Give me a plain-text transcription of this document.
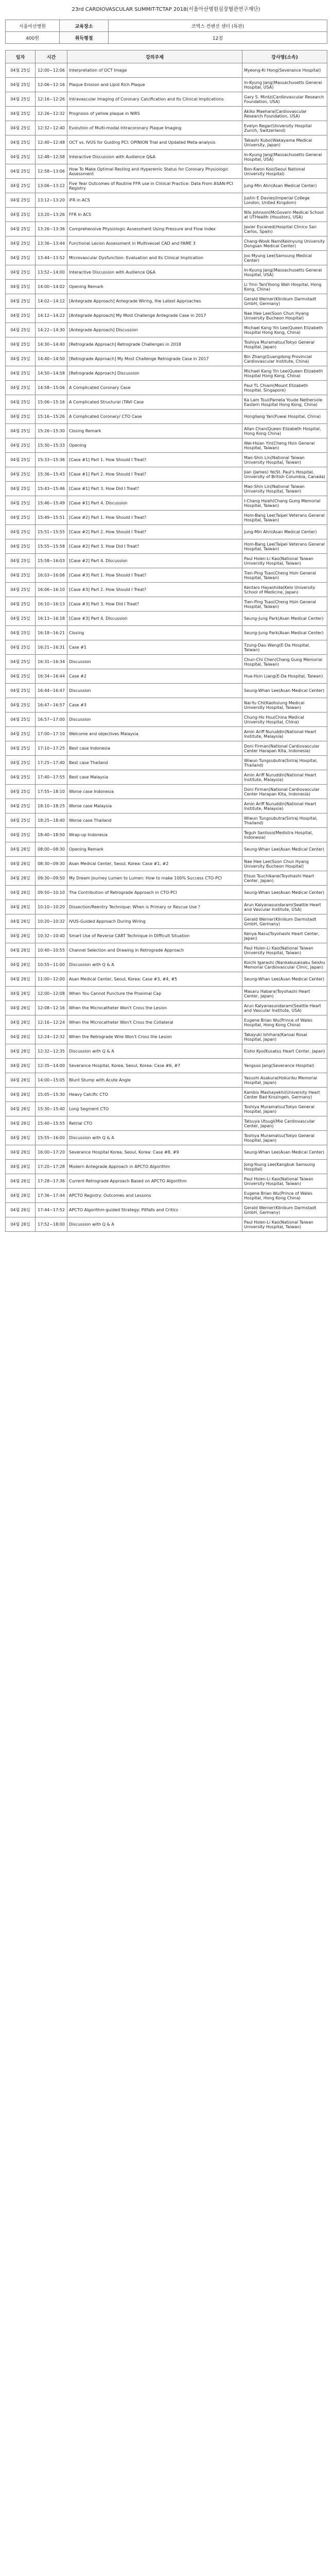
23rd CARDIOVASCULAR SUMMIT-TCTAP 2018(서울아산병원심장혈관연구재단)
서울아산병원	교육장소	코엑스 컨벤션 센터 (특판)
400원	취득평점	12점
일자	시간	강의주제	강사명(소속)
04월 25일	12:00~12:06	Interpretation of OCT Image	Myeong-Ki Hong(Severance Hospital)
04월 25일	12:06~12:16	Plaque Erosion and Lipid Rich Plaque	In-Kyung Jang(Massachusetts General Hospital, USA)
04월 25일	12:16~12:26	Intravascular Imaging of Coronary Calcification and Its Clinical Implications	Gary S. Mintz(Cardiovascular Research Foundation, USA)
04월 25일	12:26~12:32	Prognosis of yellow plaque in NIRS	Akiko Maehara(Cardiovascular Research Foundation, USA)
04월 25일	12:32~12:40	Evolution of Multi-modal Intracoronary Plaque Imaging	Evelyn Regar(University Hospital Zurich, Switzerland)
04월 25일	12:40~12:48	OCT vs. IVUS for Guiding PCI: OPINION Trial and Updated Meta-analysis	Takashi Kubo(Wakayama Medical University, Japan)
04월 25일	12:48~12:58	Interactive Discussion with Audience Q&A	In-Kyung Jang(Massachusetts General Hospital, USA)
04월 25일	12:58~13:06	How To Make Optimal Resting and Hyperemic Status for Coronary Physiologic Assessment	Bon-Kwon Koo(Seoul National University Hospital)
04월 25일	13:06~13:12	Five Year Outcomes of Routine FFR use in Clinical Practice: Data From ASAN-PCI Registry	Jung-Min Ahn(Asan Medical Center)
04월 25일	13:12~13:20	iFR in ACS	Justin E Davies(Imperial College London, United Kingdom)
04월 25일	13:20~13:26	FFR in ACS	Nils Johnson(McGovern Medical School at UTHealth (Houston), USA)
04월 25일	13:26~13:36	Comprehensive Physiologic Assessment Using Pressure and Flow Index	Javier Escaned(Hospital Clinico San Carlos, Spain)
04월 25일	13:36~13:44	Functional Lesion Assessment in Multivessel CAD and FAME 3	Chang-Wook Nam(Keimyung University Dongsan Medical Center)
04월 25일	13:44~13:52	Microvascular Dysfunction: Evaluation and Its Clinical Implication	Joo Myung Lee(Samsung Medical Center)
04월 25일	13:52~14:00	Interactive Discussion with Audience Q&A	In-Kyung Jang(Massachusetts General Hospital, USA)
04월 25일	14:00~14:02	Opening Remark	Li Yinn Tan(Yoong Wah Hospital, Hong Kong, China)
04월 25일	14:02~14:12	[Antegrade Approach] Antegrade Wiring, the Latest Approaches	Gerald Werner(Klinikum Darmstadt GmbH, Germany)
04월 25일	14:12~14:22	[Antegrade Approach] My Most Challenge Antegrade Case in 2017	Nae Hee Lee(Soon Chun Hyang University Bucheon Hospital)
04월 25일	14:22~14:30	[Antegrade Approach] Discussion	Michael Kang Yin Lee(Queen Elizabeth Hospital Hong Kong, China)
04월 25일	14:30~14:40	[Retrograde Approach] Retrograde Challenges in 2018	Toshiya Muramatsu(Tokyo General Hospital, Japan)
04월 25일	14:40~14:50	[Retrograde Approach] My Most Challenge Retrograde Case in 2017	Bin Zhang(Guangdong Provincial Cardiovascular Institute, China)
04월 25일	14:50~14:58	[Retrograde Approach] Discussion	Michael Kang Yin Lee(Queen Elizabeth Hospital Hong Kong, China)
04월 25일	14:58~15:06	A Complicated Coronary Case	Paul TL Chiam(Mount Elizabeth Hospital, Singapore)
04월 25일	15:06~15:16	A Complicated Structural (TAVI Case	Ka Lam Tsui(Pamela Youde Nethersole Eastern Hospital Hong Kong, China)
04월 25일	15:16~15:26	A Complicated Coronary/ CTO Case	Hongliang Yan(Fuwai Hospital, China)
04월 25일	15:26~15:30	Closing Remark	Allan Chan(Queen Elizabeth Hospital, Hong Kong China)
04월 25일	15:30~15:33	Opening	Wei-Hsian Yin(Cheng Hsin General Hospital, Taiwan)
04월 25일	15:33~15:36	[Case #1] Part 1. How Should I Treat?	Mao-Shin Lin(National Taiwan University Hospital, Taiwan)
04월 25일	15:36~15:43	[Case #1] Part 2. How Should I Treat?	Jian (James) Ye(St. Paul's Hospital, University of British Columbia, Canada)
04월 25일	15:43~15:46	[Case #1] Part 3. How Did I Treat?	Mao-Shin Lin(National Taiwan University Hospital, Taiwan)
04월 25일	15:46~15:49	[Case #1] Part 4. Discussion	I-Chang Hsieh(Chang Gung Memorial Hospital, Taiwan)
04월 25일	15:49~15:51	[Case #2] Part 1. How Should I Treat?	Hom-Bang Lee(Taipei Veterans General Hospital, Taiwan)
04월 25일	15:51~15:55	[Case #2] Part 2. How Should I Treat?	Jung-Min Ahn(Asan Medical Center)
04월 25일	15:55~15:58	[Case #2] Part 3. How Did I Treat?	Hom-Bang Lee(Taipei Veterans General Hospital, Taiwan)
04월 25일	15:58~16:03	[Case #2] Part 4. Discussion	Paul Hsien-Li Kao(National Taiwan University Hospital, Taiwan)
04월 25일	16:03~16:06	[Case #3] Part 1. How Should I Treat?	Tien-Ping Tsao(Cheng Hsin General Hospital, Taiwan)
04월 25일	16:06~16:10	[Case #3] Part 2. How Should I Treat?	Kentaro Hayashida(Keio University School of Medicine, Japan)
04월 25일	16:10~16:13	[Case #3] Part 3. How Did I Treat?	Tien-Ping Tsao(Cheng Hsin General Hospital, Taiwan)
04월 25일	16:13~16:18	[Case #3] Part 4. Discussion	Seung-Jung Park(Asan Medical Center)
04월 25일	16:18~16:21	Closing	Seung-Jung Park(Asan Medical Center)
04월 25일	16:21~16:31	Case #1	Tzung-Dau Wang(E-Da Hospital, Taiwan)
04월 25일	16:31~16:34	Discussion	Chun-Chi Chen(Chang Gung Memorial Hospital, Taiwan)
04월 25일	16:34~16:44	Case #2	Hua-Hsin Liang(E-Da Hospital, Taiwan)
04월 25일	16:44~16:47	Discussion	Seung-Whan Lee(Asan Medical Center)
04월 25일	16:47~16:57	Case #3	Nai-Yu Chi(Kaohsiung Medical University Hospital, Taiwan)
04월 25일	16:57~17:00	Discussion	Chung-Ho Hsu(China Medical University Hospital, China)
04월 25일	17:00~17:10	Welcome and objectives Malaysia	Amin Ariff Nuruddin(National Heart Institute, Malaysia)
04월 25일	17:10~17:25	Best case Indonesia	Doni Firman(National Cardiovascular Center Harapan Kita, Indonesia)
04월 25일	17:25~17:40	Best case Thailand	Wiwun Tungsubutra(Siriraj Hospital, Thailand)
04월 25일	17:40~17:55	Best case Malaysia	Amin Ariff Nuruddin(National Heart Institute, Malaysia)
04월 25일	17:55~18:10	Worse case Indonesia	Doni Firman(National Cardiovascular Center Harapan Kita, Indonesia)
04월 25일	18:10~18:25	Worse case Malaysia	Amin Ariff Nuruddin(National Heart Institute, Malaysia)
04월 25일	18:25~18:40	Worse case Thailand	Wiwun Tungsubutra(Siriraj Hospital, Thailand)
04월 25일	18:40~18:50	Wrap-up Indonesia	Teguh Santoso(Medistra Hospital, Indonesia)
04월 26일	08:00~08:30	Opening Remark	Seung-Whan Lee(Asan Medical Center)
04월 26일	08:30~09:30	Asan Medical Center, Seoul, Korea: Case #1, #2	Nae Hee Lee(Soon Chun Hyang University Bucheon Hospital)
04월 26일	09:30~09:50	My Dream Journey Lumen to Lumen: How to make 100% Success CTO-PCI	Etsuo Tsuchikane(Toyohashi Heart Center, Japan)
04월 26일	09:50~10:10	The Contribution of Retrograde Approach in CTO-PCI	Seung-Whan Lee(Asan Medical Center)
04월 26일	10:10~10:20	Dissection/Reentry Technique: When is Primary or Rescue Use ?	Arun Kalyanasundaram(Seattle Heart and Vascular Institute, USA)
04월 26일	10:20~10:32	IVUS-Guided Approach During Wiring	Gerald Werner(Klinikum Darmstadt GmbH, Germany)
04월 26일	10:32~10:40	Smart Use of Reverse CART Technique in Difficult Situation	Kenya Nasu(Toyohashi Heart Center, Japan)
04월 26일	10:40~10:55	Channel Selection and Drawing in Retrograde Approach	Paul Hsien-Li Kao(National Taiwan University Hospital, Taiwan)
04월 26일	10:55~11:00	Discussion with Q & A	Koichi Igarashi (Nankakusaisaku Seishu Memorial Cardiovascular Clinic, Japan)
04월 26일	11:00~12:00	Asan Medical Center, Seoul, Korea: Case #3, #4, #5	Seung-Whan Lee(Asan Medical Center)
04월 26일	12:00~12:08	When You Cannot Puncture the Proximal Cap	Masaru Habara(Toyohashi Heart Center, Japan)
04월 26일	12:08~12:16	When the Microcatheter Won't Cross the Lesion	Arun Kalyanasundaram(Seattle Heart and Vascular Institute, USA)
04월 26일	12:16~12:24	When the Microcatheter Won't Cross the Collateral	Eugene Brian Wu(Prince of Wales Hospital, Hong Kong China)
04월 26일	12:24~12:32	When the Retrograde Wire Won't Cross the Lesion	Takayuki Ishihara(Kansai Rosai Hospital, Japan)
04월 26일	12:32~12:35	Discussion with Q & A	Eisho Kyo(Kusatsu Heart Center, Japan)
04월 26일	12:35~14:00	Severance Hospital, Korea, Seoul, Korea: Case #6, #7	Yangsoo Jang(Severance Hospital)
04월 26일	14:00~15:05	Blunt Stump with Acute Angle	Yasushi Asakura(Hokuriku Memorial Hospital, Japan)
04월 26일	15:05~15:30	Heavy Calcific CTO	Kambis Mashayekhi(University Heart Center Bad Krozingen, Germany)
04월 26일	15:30~15:40	Long Segment CTO	Toshiya Muramatsu(Tokyo General Hospital, Japan)
04월 26일	15:40~15:55	Retrial CTO	Tatsuya Utsugi(Mie Cardiovascular Center, Japan)
04월 26일	15:55~16:00	Discussion with Q & A	Toshiya Muramatsu(Tokyo General Hospital, Japan)
04월 26일	16:00~17:20	Severance Hospital Korea, Seoul, Korea: Case #8, #9	Seung-Whan Lee(Asan Medical Center)
04월 26일	17:20~17:28	Modern Antegrade Approach in APCTO Algorithm	Jong-Young Lee(Kangbuk Samsung Hospital)
04월 26일	17:28~17:36	Current Retrograde Approach Based on APCTO Algorithm	Paul Hsien-Li Kao(National Taiwan University Hospital, Taiwan)
04월 26일	17:36~17:44	APCTO Registry: Outcomes and Lessons	Eugene Brian Wu(Prince of Wales Hospital, Hong Kong China)
04월 26일	17:44~17:52	APCTO Algorithm-guided Strategy: Pitfalls and Critics	Gerald Werner(Klinikum Darmstadt GmbH, Germany)
04월 26일	17:52~18:00	Discussion with Q & A	Paul Hsien-Li Kao(National Taiwan University Hospital, Taiwan)
